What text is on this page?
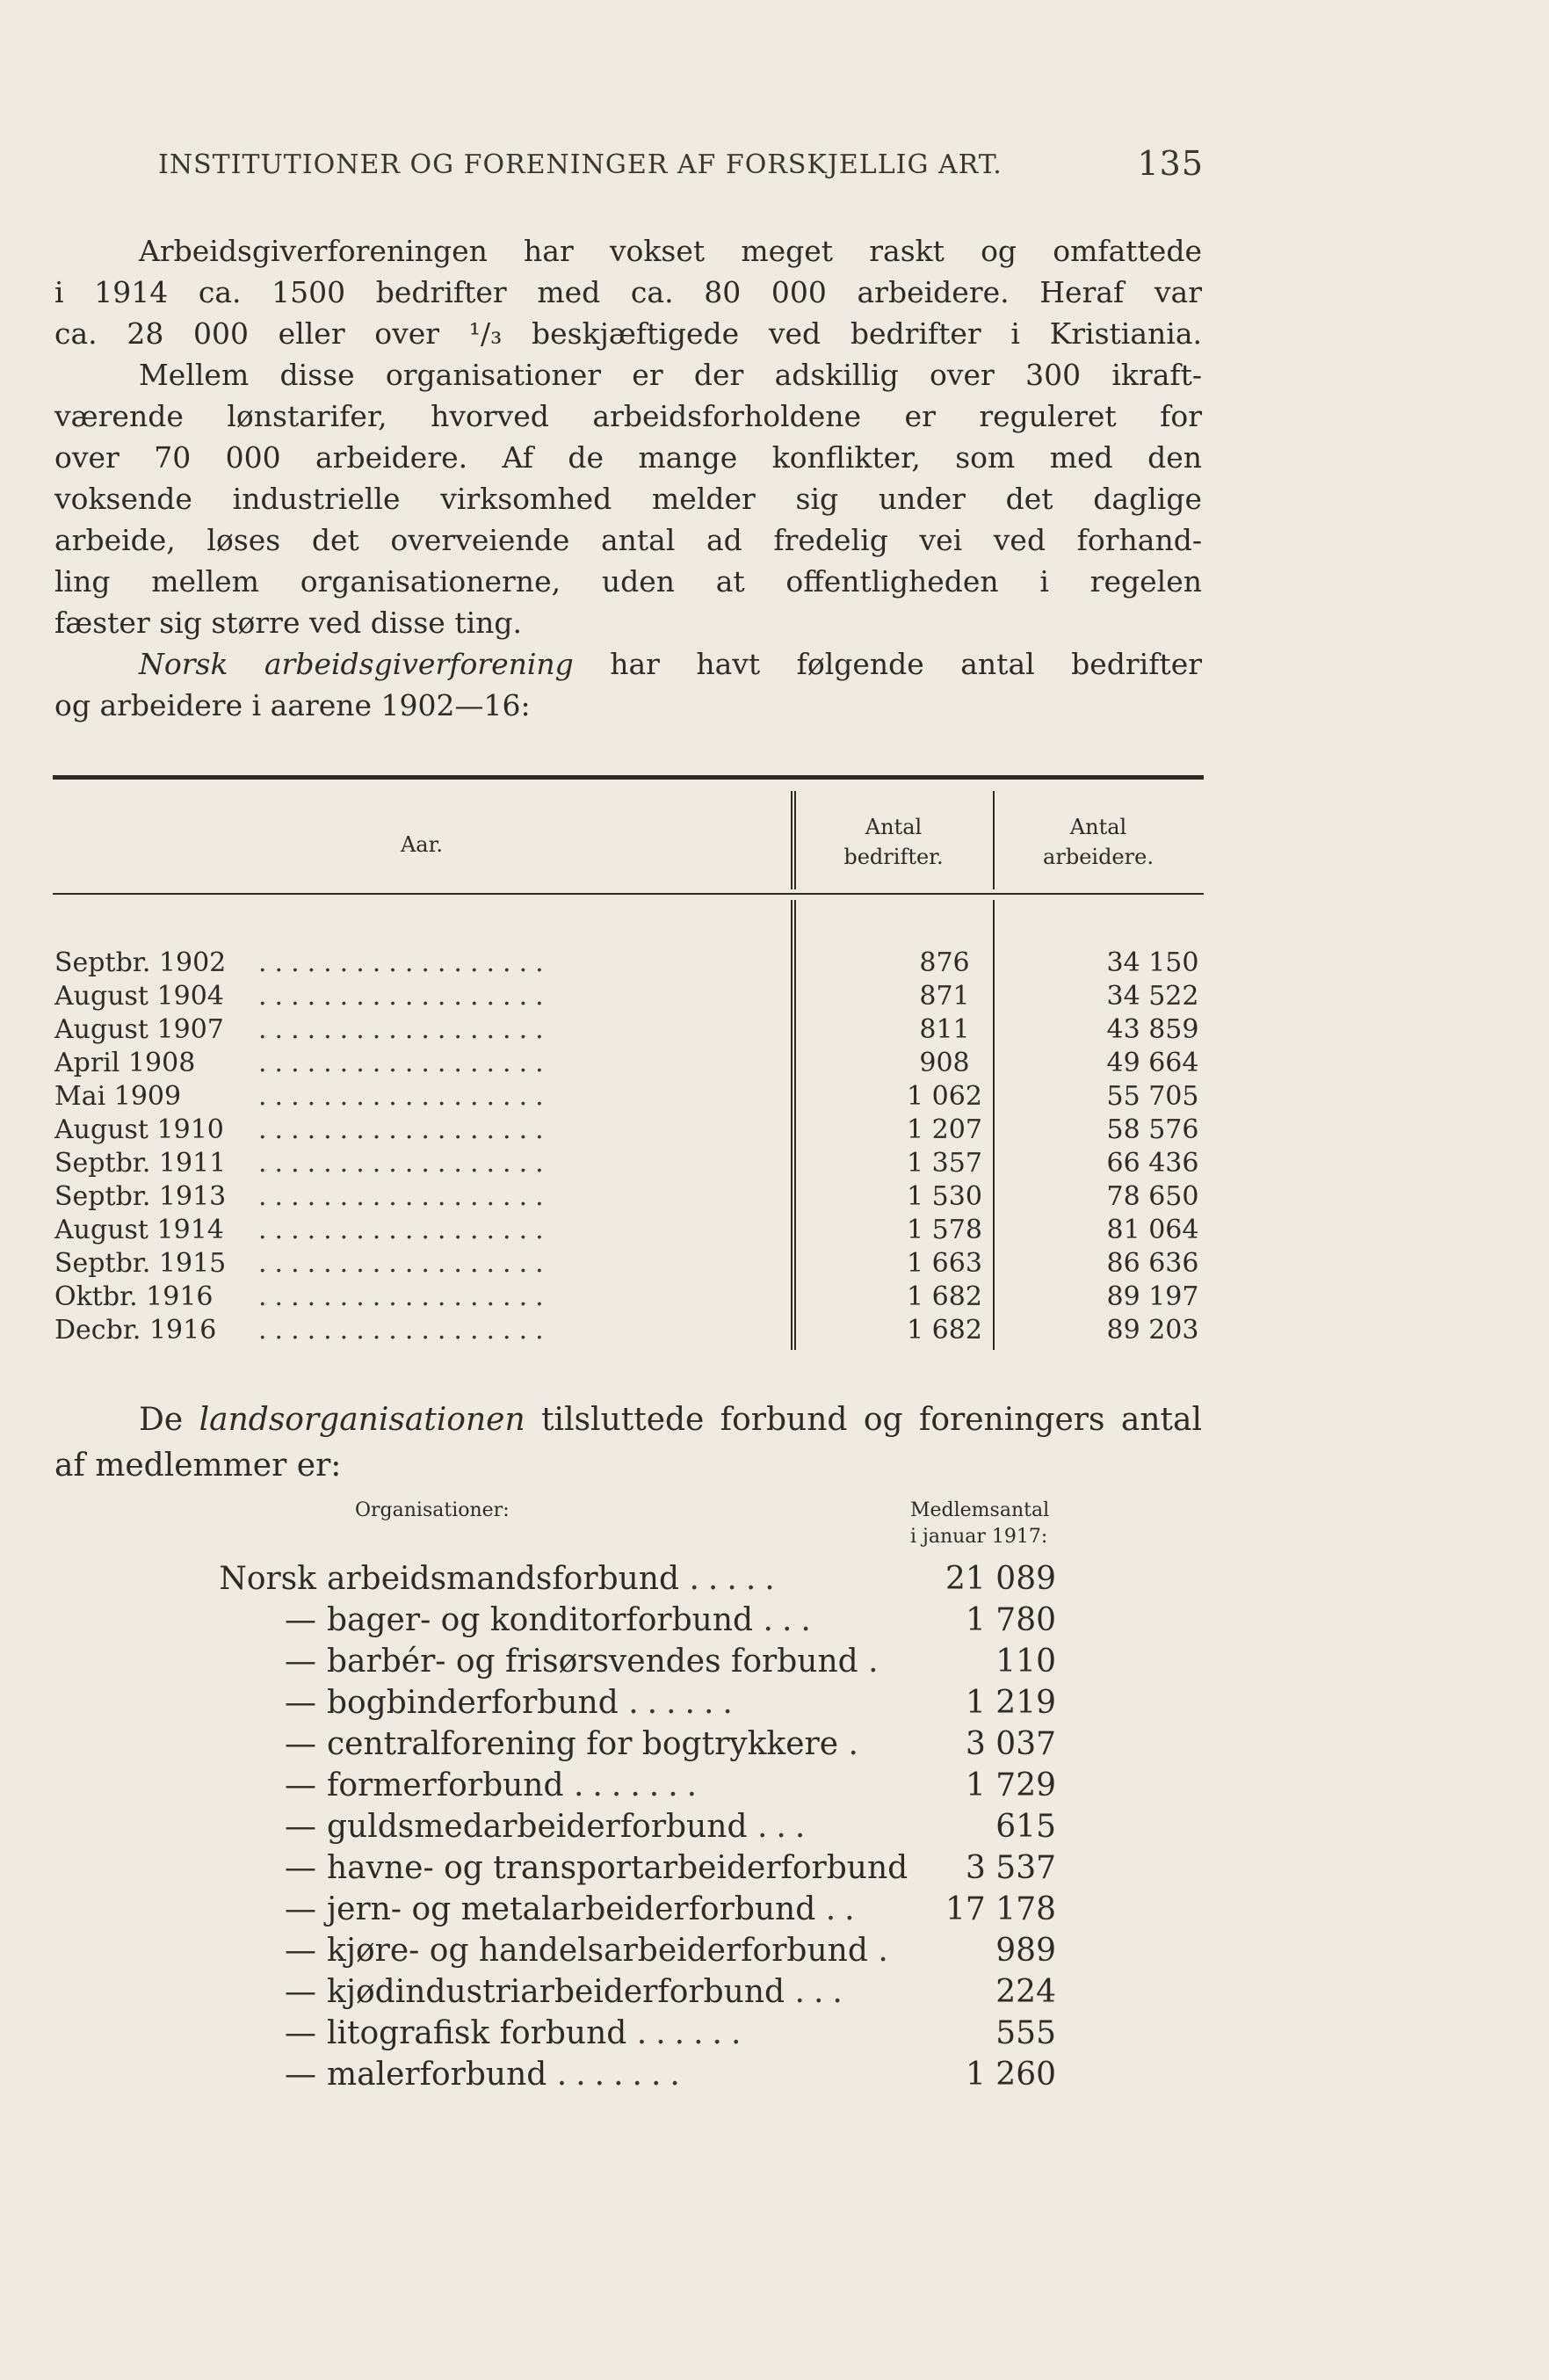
INSTITUTIONER OG FORENINGER AF FORSKJELLIG ART.	135
Arbeidsgiverforeningen har vokset meget raskt og omfattede
i 1914 ca. 1500 bedrifter med ca. 80 000 arbeidere. Heraf var
ca. 28 000 eller over ¹/₃ beskjæftigede ved bedrifter i Kristiania.
Mellem disse organisationer er der adskillig over 300 ikraft-
værende lønstarifer, hvorved arbeidsforholdene er reguleret for
over 70 000 arbeidere. Af de mange konflikter, som med den
voksende industrielle virksomhed melder sig under det daglige
arbeide, løses det overveiende antal ad fredelig vei ved forhand-
ling mellem organisationerne, uden at offentligheden i regelen
fæster sig større ved disse ting.
Norsk arbeidsgiverforening har havt følgende antal bedrifter
og arbeidere i aarene 1902—16:
Aar.
Antal
bedrifter.
Antal
arbeidere.
Septbr. 1902 ..................	876	34 150
August 1904 ..................	871	34 522
August 1907 ..................	811	43 859
April 1908 ..................	908	49 664
Mai 1909	..................	1 062	55 705
August 1910 ..................	1 207	58 576
Septbr. 1911 ..................	1 357	66 436
Septbr. 1913 ..................	1 530	78 650
August 1914 ..................	1 578	81 064
Septbr. 1915 ..................	1 663	86 636
Oktbr. 1916 ..................	1 682	89 197
Decbr. 1916 ..................	1 682	89 203
De landsorganisationen tilsluttede forbund og foreningers antal
af medlemmer er:
Organisationer:	Medlemsantal
i januar 1917:
Norsk arbeidsmandsforbund .....	21 089
— bager- og konditorforbund ...	1 780
— barbér- og frisørsvendes forbund .	110
— bogbinderforbund ......	1 219
— centralforening for bogtrykkere .	3 037
— formerforbund .......	1 729
— guldsmedarbeiderforbund ...	615
— havne- og transportarbeiderforbund 3 537
— jern- og metalarbeiderforbund ..	17 178
— kjøre- og handelsarbeiderforbund .	989
— kjødindustriarbeiderforbund ...	224
— litografisk forbund ......	555
— malerforbund .......	1 260
